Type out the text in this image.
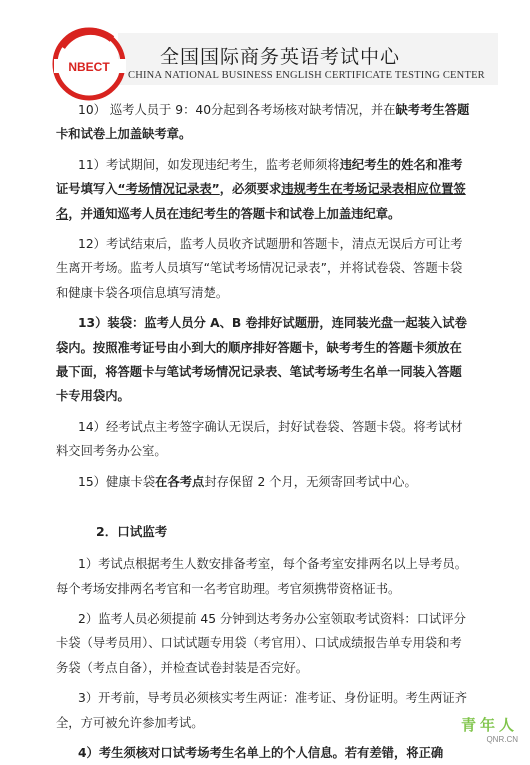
NBECT	全国国际商务英语考试中心
CHINA NATIONAL BUSINESS ENGLISH CERTIFICATE TESTING CENTER

10） 巡考人员于 9：40分起到各考场核对缺考情况，并在缺考考生答题卡和试卷上加盖缺考章。

11）考试期间，如发现违纪考生，监考老师须将违纪考生的姓名和准考证号填写入“考场情况记录表”，必须要求违规考生在考场记录表相应位置签名，并通知巡考人员在违纪考生的答题卡和试卷上加盖违纪章。

12）考试结束后，监考人员收齐试题册和答题卡，清点无误后方可让考生离开考场。监考人员填写“笔试考场情况记录表”，并将试卷袋、答题卡袋和健康卡袋各项信息填写清楚。

13）装袋：监考人员分 A、B 卷排好试题册，连同装光盘一起装入试卷袋内。按照准考证号由小到大的顺序排好答题卡，缺考考生的答题卡须放在最下面，将答题卡与笔试考场情况记录表、笔试考场考生名单一同装入答题卡专用袋内。

14）经考试点主考签字确认无误后，封好试卷袋、答题卡袋。将考试材料交回考务办公室。

15）健康卡袋在各考点封存保留 2 个月，无须寄回考试中心。

2．口试监考

1）考试点根据考生人数安排备考室，每个备考室安排两名以上导考员。每个考场安排两名考官和一名考官助理。考官须携带资格证书。

2）监考人员必须提前 45 分钟到达考务办公室领取考试资料：口试评分卡袋（导考员用）、口试试题专用袋（考官用）、口试成绩报告单专用袋和考务袋（考点自备），并检查试卷封装是否完好。

3）开考前，导考员必须核实考生两证：准考证、身份证明。考生两证齐全，方可被允许参加考试。

4）考生须核对口试考场考生名单上的个人信息。若有差错，将正确

青年人
QNR.CN
